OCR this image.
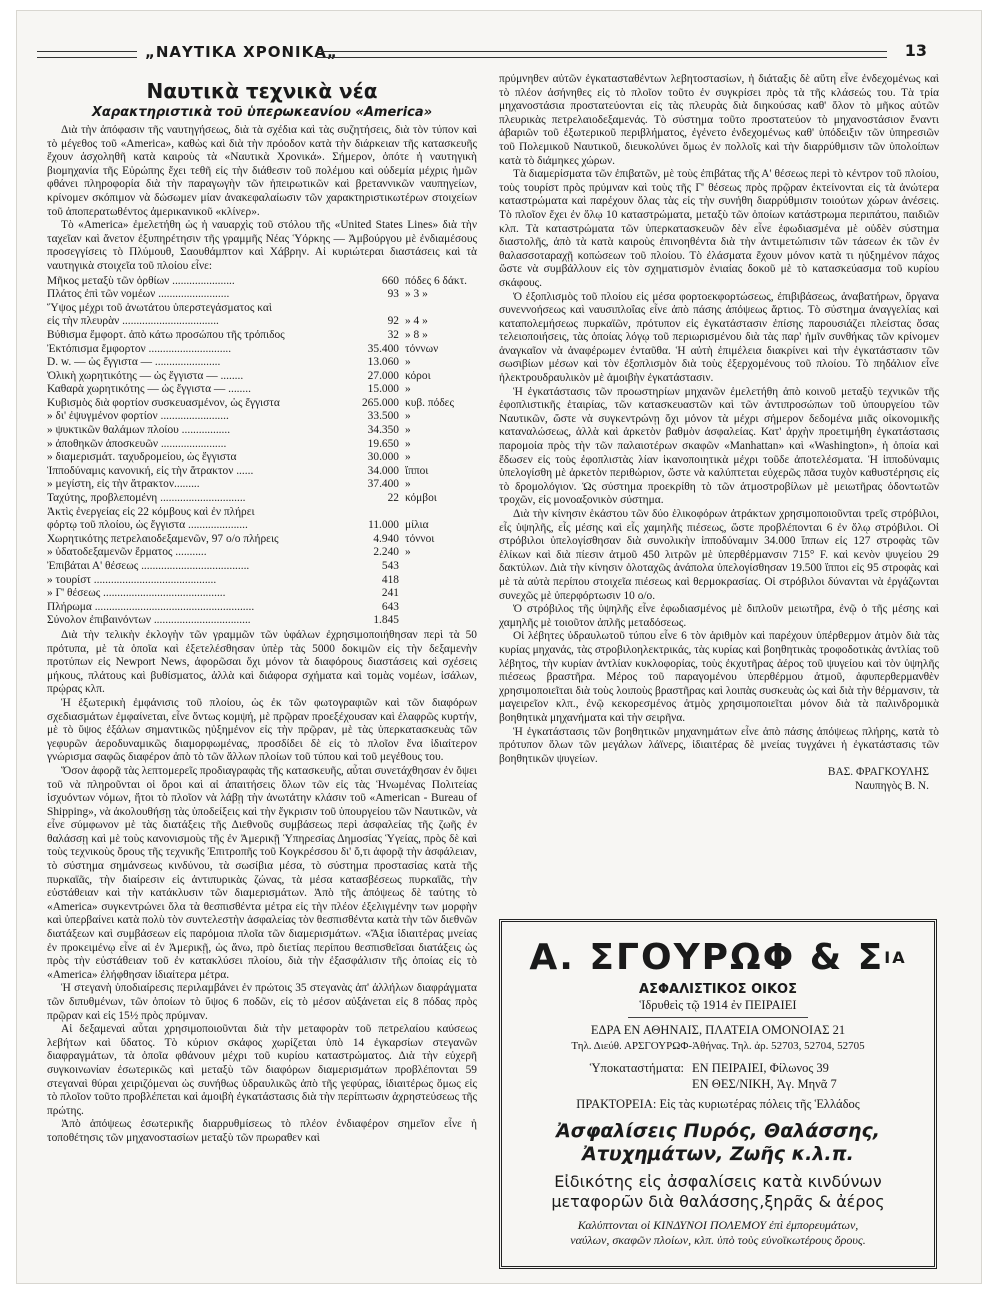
„ΝΑΥΤΙΚΑ ΧΡΟΝΙΚΑ„	13
Ναυτικὰ τεχνικὰ νέα
Χαρακτηριστικὰ τοῦ ὑπερωκεανίου «America»

Διὰ τὴν ἀπόφασιν τῆς ναυτηγήσεως, διὰ τὰ σχέδια καὶ τὰς συζητήσεις, διὰ τὸν τύπον καὶ τὸ μέγεθος τοῦ «America», καθὼς καὶ διὰ τὴν πρόοδον κατὰ τὴν διάρκειαν τῆς κατασκευῆς ἔχουν ἀσχοληθῆ κατὰ καιροὺς τὰ «Ναυτικὰ Χρονικά». Σήμερον, ὁπότε ἡ ναυτηγικὴ βιομηχανία τῆς Εὐρώπης ἔχει τεθῆ εἰς τὴν διάθεσιν τοῦ πολέμου καὶ οὐδεμία μέχρις ἡμῶν φθάνει πληροφορία διὰ τὴν παραγωγὴν τῶν ἠπειρωτικῶν καὶ βρεταννικῶν ναυπηγείων, κρίνομεν σκόπιμον νὰ δώσωμεν μίαν ἀνακεφαλαίωσιν τῶν χαρακτηριστικωτέρων στοιχείων τοῦ ἀποπερατωθέντος ἀμερικανικοῦ «κλίνερ».

Τὸ «America» ἐμελετήθη ὡς ἡ ναυαρχὶς τοῦ στόλου τῆς «United States Lines» διὰ τὴν ταχεῖαν καὶ ἄνετον ἐξυπηρέτησιν τῆς γραμμῆς Νέας Ὑόρκης — Ἀμβούργου μὲ ἐνδιαμέσους προσεγγίσεις τὸ Πλύμουθ, Σαουθάμπτον καὶ Χάβρην. Αἱ κυριώτεραι διαστάσεις καὶ τὰ ναυτηγικὰ στοιχεῖα τοῦ πλοίου εἶνε:

Μῆκος μεταξὺ τῶν ὀρθίων ......................	660 πόδες 6 δάκτ.
Πλάτος ἐπὶ τῶν νομέων .........................	93 » 3 »
Ὕψος μέχρι τοῦ ἀνωτάτου ὑπερστεγάσματος καὶ
εἰς τὴν πλευρὰν ..................................	92 » 4 »
Βύθισμα ἔμφορτ. ἀπὸ κάτω προσώπου τῆς τρόπιδος	32 » 8 »
Ἐκτόπισμα ἔμφορτον .............................	35.400 τόννων
D. w. — ὡς ἔγγιστα — .......................	13.060 »
Ὁλικὴ χωρητικότης — ὡς ἔγγιστα — ........	27.000 κόροι
Καθαρὰ χωρητικότης — ὡς ἔγγιστα — ........	15.000 »
Κυβισμὸς διὰ φορτίον συσκευασμένον, ὡς ἔγγιστα	265.000 κυβ. πόδες
» δι' ἐψυγμένον φορτίον ........................	33.500 »
» ψυκτικῶν θαλάμων πλοίου .................	34.350 »
» ἀποθηκῶν ἀποσκευῶν .......................	19.650 »
» διαμερισμάτ. ταχυδρομείου, ὡς ἔγγιστα	30.000 »
Ἱπποδύναμις κανονική, εἰς τὴν ἄτρακτον ......	34.000 ἵπποι
» μεγίστη, εἰς τὴν ἄτρακτον.........	37.400 »
Ταχύτης, προβλεπομένη ..............................	22 κόμβοι
Ἀκτὶς ἐνεργείας εἰς 22 κόμβους καὶ ἐν πλήρει
φόρτῳ τοῦ πλοίου, ὡς ἔγγιστα .....................	11.000 μίλια
Χωρητικότης πετρελαιοδεξαμενῶν, 97 ο/ο πλήρεις	4.940 τόννοι
» ὑδατοδεξαμενῶν ἕρματος ...........	2.240 »
Ἐπιβάται Α' θέσεως ......................................	543
» τουρίστ ...........................................	418
» Γ' θέσεως ...........................................	241
Πλήρωμα ........................................................	643
Σύνολον ἐπιβαινόντων ..................................	1.845

Διὰ τὴν τελικὴν ἐκλογὴν τῶν γραμμῶν τῶν ὑφάλων ἐχρησιμοποιήθησαν περὶ τὰ 50 πρότυπα, μὲ τὰ ὁποῖα καὶ ἐξετελέσθησαν ὑπὲρ τὰς 5000 δοκιμῶν εἰς τὴν δεξαμενὴν προτύπων εἰς Newport News, ἀφορῶσαι ὄχι μόνον τὰ διαφόρους διαστάσεις καὶ σχέσεις μήκους, πλάτους καὶ βυθίσματος, ἀλλὰ καὶ διάφορα σχήματα καὶ τομὰς νομέων, ἰσάλων, πρῴρας κλπ.

Ἡ ἐξωτερικὴ ἐμφάνισις τοῦ πλοίου, ὡς ἐκ τῶν φωτογραφιῶν καὶ τῶν διαφόρων σχεδιασμάτων ἐμφαίνεται, εἶνε ὄντως κομψή, μὲ πρῷραν προεξέχουσαν καὶ ἐλαφρῶς κυρτήν, μὲ τὸ ὕψος ἐξάλων σημαντικῶς ηὐξημένον εἰς τὴν πρῷραν, μὲ τὰς ὑπερκατασκευὰς τῶν γεφυρῶν ἀεροδυναμικῶς διαμορφωμένας, προσδίδει δὲ εἰς τὸ πλοῖον ἕνα ἰδιαίτερον γνώρισμα σαφῶς διαφέρον ἀπὸ τὸ τῶν ἄλλων πλοίων τοῦ τύπου καὶ τοῦ μεγέθους του.

Ὅσον ἀφορᾷ τὰς λεπτομερεῖς προδιαγραφὰς τῆς κατασκευῆς, αὗται συνετάχθησαν ἐν ὄψει τοῦ νὰ πληροῦνται οἱ ὅροι καὶ αἱ ἀπαιτήσεις ὅλων τῶν εἰς τὰς Ἡνωμένας Πολιτείας ἰσχυόντων νόμων, ἤτοι τὸ πλοῖον νὰ λάβῃ τὴν ἀνωτάτην κλάσιν τοῦ «American - Bureau of Shipping», νὰ ἀκολουθήσῃ τὰς ὑποδείξεις καὶ τὴν ἔγκρισιν τοῦ ὑπουργείου τῶν Ναυτικῶν, νὰ εἶνε σύμφωνον μὲ τὰς διατάξεις τῆς Διεθνοῦς συμβάσεως περὶ ἀσφαλείας τῆς ζωῆς ἐν θαλάσσῃ καὶ μὲ τοὺς κανονισμοὺς τῆς ἐν Ἀμερικῇ Ὑπηρεσίας Δημοσίας Ὑγείας, πρὸς δὲ καὶ τοὺς τεχνικοὺς ὅρους τῆς τεχνικῆς Ἐπιτροπῆς τοῦ Κογκρέσσου δι' ὅ,τι ἀφορᾷ τὴν ἀσφάλειαν, τὸ σύστημα σημάνσεως κινδύνου, τὰ σωσίβια μέσα, τὸ σύστημα προστασίας κατὰ τῆς πυρκαϊᾶς, τὴν διαίρεσιν εἰς ἀντιπυρικὰς ζώνας, τὰ μέσα κατασβέσεως πυρκαϊᾶς, τὴν εὐστάθειαν καὶ τὴν κατάκλυσιν τῶν διαμερισμάτων. Ἀπὸ τῆς ἀπόψεως δὲ ταύτης τὸ «America» συγκεντρώνει ὅλα τὰ θεσπισθέντα μέτρα εἰς τὴν πλέον ἐξελιγμένην των μορφὴν καὶ ὑπερβαίνει κατὰ πολὺ τὸν συντελεστὴν ἀσφαλείας τὸν θεσπισθέντα κατὰ τὴν τῶν διεθνῶν διατάξεων καὶ συμβάσεων εἰς παρόμοια πλοῖα τῶν διαμερισμάτων. «Ἄξια ἰδιαιτέρας μνείας ἐν προκειμένῳ εἶνε αἱ ἐν Ἀμερικῇ, ὡς ἄνω, πρὸ διετίας περίπου θεσπισθεῖσαι διατάξεις ὡς πρὸς τὴν εὐστάθειαν τοῦ ἐν κατακλύσει πλοίου, διὰ τὴν ἐξασφάλισιν τῆς ὁποίας εἰς τὸ «America» ἐλήφθησαν ἰδιαίτερα μέτρα.

Ἡ στεγανὴ ὑποδιαίρεσις περιλαμβάνει ἐν πρώτοις 35 στεγανὰς ἀπ' ἀλλήλων διαφράγματα τῶν διπυθμένων, τῶν ὁποίων τὸ ὕψος 6 ποδῶν, εἰς τὸ μέσον αὐξάνεται εἰς 8 πόδας πρὸς πρῷραν καὶ εἰς 15½ πρὸς πρύμναν.

Αἱ δεξαμεναὶ αὗται χρησιμοποιοῦνται διὰ τὴν μεταφορὰν τοῦ πετρελαίου καύσεως λεβήτων καὶ ὕδατος. Τὸ κύριον σκάφος χωρίζεται ὑπὸ 14 ἐγκαρσίων στεγανῶν διαφραγμάτων, τὰ ὁποῖα φθάνουν μέχρι τοῦ κυρίου καταστρώματος. Διὰ τὴν εὐχερῆ συγκοινωνίαν ἐσωτερικῶς καὶ μεταξὺ τῶν διαφόρων διαμερισμάτων προβλέπονται 59 στεγαναὶ θύραι χειριζόμεναι ὡς συνήθως ὑδραυλικῶς ἀπὸ τῆς γεφύρας, ἰδιαιτέρως ὅμως εἰς τὸ πλοῖον τοῦτο προβλέπεται καὶ ἀμοιβὴ ἐγκατάστασις διὰ τὴν περίπτωσιν ἀχρηστεύσεως τῆς πρώτης.

Ἀπὸ ἀπόψεως ἐσωτερικῆς διαρρυθμίσεως τὸ πλέον ἐνδιαφέρον σημεῖον εἶνε ἡ τοποθέτησις τῶν μηχανοστασίων μεταξὺ τῶν πρωραθεν καὶ

πρύμνηθεν αὐτῶν ἐγκατασταθέντων λεβητοστασίων, ἡ διάταξις δὲ αὕτη εἶνε ἐνδεχομένως καὶ τὸ πλέον ἀσήνηθες εἰς τὸ πλοῖον τοῦτο ἐν συγκρίσει πρὸς τὰ τῆς κλάσεώς του. Τὰ τρία μηχανοστάσια προστατεύονται εἰς τὰς πλευρὰς διὰ διηκούσας καθ' ὅλον τὸ μῆκος αὐτῶν πλευρικὰς πετρελαιοδεξαμενάς. Τὸ σύστημα τοῦτο προστατεύον τὸ μηχανοστάσιον ἔναντι ἀβαριῶν τοῦ ἐξωτερικοῦ περιβλήματος, ἐγένετο ἐνδεχομένως καθ' ὑπόδειξιν τῶν ὑπηρεσιῶν τοῦ Πολεμικοῦ Ναυτικοῦ, διευκολύνει ὅμως ἐν πολλοῖς καὶ τὴν διαρρύθμισιν τῶν ὑπολοίπων κατὰ τὸ διάμηκες χώρων.

Τὰ διαμερίσματα τῶν ἐπιβατῶν, μὲ τοὺς ἐπιβάτας τῆς Α' θέσεως περὶ τὸ κέντρον τοῦ πλοίου, τοὺς τουρίστ πρὸς πρύμναν καὶ τοὺς τῆς Γ' θέσεως πρὸς πρῷραν ἐκτείνονται εἰς τὰ ἀνώτερα καταστρώματα καὶ παρέχουν ὅλας τὰς εἰς τὴν συνήθη διαρρύθμισιν τοιούτων χώρων ἀνέσεις. Τὸ πλοῖον ἔχει ἐν ὅλῳ 10 καταστρώματα, μεταξὺ τῶν ὁποίων κατάστρωμα περιπάτου, παιδιῶν κλπ. Τὰ καταστρώματα τῶν ὑπερκατασκευῶν δὲν εἶνε ἐφωδιασμένα μὲ οὐδὲν σύστημα διαστολῆς, ἀπὸ τὰ κατὰ καιροὺς ἐπινοηθέντα διὰ τὴν ἀντιμετώπισιν τῶν τάσεων ἐκ τῶν ἐν θαλασσοταραχῇ κοπώσεων τοῦ πλοίου. Τὸ ἐλάσματα ἔχουν μόνον κατὰ τι ηὐξημένον πάχος ὥστε νὰ συμβάλλουν εἰς τὸν σχηματισμὸν ἑνιαίας δοκοῦ μὲ τὸ κατασκεύασμα τοῦ κυρίου σκάφους.

Ὁ ἐξοπλισμὸς τοῦ πλοίου εἰς μέσα φορτοεκφορτώσεως, ἐπιβιβάσεως, ἀναβατήρων, ὄργανα συνεννοήσεως καὶ ναυσιπλοΐας εἶνε ἀπὸ πάσης ἀπόψεως ἄρτιος. Τὸ σύστημα ἀναγγελίας καὶ καταπολεμήσεως πυρκαϊῶν, πρότυπον εἰς ἐγκατάστασιν ἐπίσης παρουσιάζει πλείστας ὅσας τελειοποιήσεις, τὰς ὁποίας λόγῳ τοῦ περιωρισμένου διὰ τὰς παρ' ἡμῖν συνθήκας τῶν κρίνομεν ἀναγκαῖον νὰ ἀναφέρωμεν ἐνταῦθα. Ἡ αὐτὴ ἐπιμέλεια διακρίνει καὶ τὴν ἐγκατάστασιν τῶν σωσιβίων μέσων καὶ τὸν ἐξοπλισμὸν διὰ τοὺς ἐξερχομένους τοῦ πλοίου. Τὸ πηδάλιον εἶνε ἠλεκτρουδραυλικὸν μὲ ἀμοιβὴν ἐγκατάστασιν.

Ἡ ἐγκατάστασις τῶν προωστηρίων μηχανῶν ἐμελετήθη ἀπὸ κοινοῦ μεταξὺ τεχνικῶν τῆς ἐφοπλιστικῆς ἑταιρίας, τῶν κατασκευαστῶν καὶ τῶν ἀντιπροσώπων τοῦ ὑπουργείου τῶν Ναυτικῶν, ὥστε νὰ συγκεντρώνῃ ὄχι μόνον τὰ μέχρι σήμερον δεδομένα μιᾶς οἰκονομικῆς καταναλώσεως, ἀλλὰ καὶ ἀρκετὸν βαθμὸν ἀσφαλείας. Κατ' ἀρχὴν προετιμήθη ἐγκατάστασις παρομοία πρὸς τὴν τῶν παλαιοτέρων σκαφῶν «Manhattan» καὶ «Washington», ἡ ὁποία καὶ ἔδωσεν εἰς τοὺς ἐφοπλιστὰς λίαν ἱκανοποιητικὰ μέχρι τοῦδε ἀποτελέσματα. Ἡ ἱπποδύναμις ὑπελογίσθη μὲ ἀρκετὸν περιθώριον, ὥστε νὰ καλύπτεται εὐχερῶς πᾶσα τυχὸν καθυστέρησις εἰς τὸ δρομολόγιον. Ὡς σύστημα προεκρίθη τὸ τῶν ἀτμοστροβίλων μὲ μειωτῆρας ὀδοντωτῶν τροχῶν, εἰς μονοαξονικὸν σύστημα.

Διὰ τὴν κίνησιν ἑκάστου τῶν δύο ἑλικοφόρων ἀτράκτων χρησιμοποιοῦνται τρεῖς στρόβιλοι, εἷς ὑψηλῆς, εἷς μέσης καὶ εἷς χαμηλῆς πιέσεως, ὥστε προβλέπονται 6 ἐν ὅλῳ στρόβιλοι. Οἱ στρόβιλοι ὑπελογίσθησαν διὰ συνολικὴν ἱπποδύναμιν 34.000 ἵππων εἰς 127 στροφὰς τῶν ἑλίκων καὶ διὰ πίεσιν ἀτμοῦ 450 λιτρῶν μὲ ὑπερθέρμανσιν 715° F. καὶ κενὸν ψυγείου 29 δακτύλων. Διὰ τὴν κίνησιν ὁλοταχῶς ἀνάπολα ὑπελογίσθησαν 19.500 ἵπποι εἰς 95 στροφὰς καὶ μὲ τὰ αὐτὰ περίπου στοιχεῖα πιέσεως καὶ θερμοκρασίας. Οἱ στρόβιλοι δύνανται νὰ ἐργάζωνται συνεχῶς μὲ ὑπερφόρτωσιν 10 ο/ο.

Ὁ στρόβιλος τῆς ὑψηλῆς εἶνε ἐφωδιασμένος μὲ διπλοῦν μειωτῆρα, ἐνῷ ὁ τῆς μέσης καὶ χαμηλῆς μὲ τοιοῦτον ἁπλῆς μεταδόσεως.

Οἱ λέβητες ὑδραυλωτοῦ τύπου εἶνε 6 τὸν ἀριθμὸν καὶ παρέχουν ὑπέρθερμον ἀτμὸν διὰ τὰς κυρίας μηχανάς, τὰς στροβιλοηλεκτρικάς, τὰς κυρίας καὶ βοηθητικὰς τροφοδοτικὰς ἀντλίας τοῦ λέβητος, τὴν κυρίαν ἀντλίαν κυκλοφορίας, τοὺς ἐκχυτῆρας ἀέρος τοῦ ψυγείου καὶ τὸν ὑψηλῆς πιέσεως βραστῆρα. Μέρος τοῦ παραγομένου ὑπερθέρμου ἀτμοῦ, ἀφυπερθερμανθὲν χρησιμοποιεῖται διὰ τοὺς λοιποὺς βραστῆρας καὶ λοιπὰς συσκευὰς ὡς καὶ διὰ τὴν θέρμανσιν, τὰ μαγειρεῖον κλπ., ἐνῷ κεκορεσμένος ἀτμὸς χρησιμοποιεῖται μόνον διὰ τὰ παλινδρομικὰ βοηθητικὰ μηχανήματα καὶ τὴν σειρῆνα.

Ἡ ἐγκατάστασις τῶν βοηθητικῶν μηχανημάτων εἶνε ἀπὸ πάσης ἀπόψεως πλήρης, κατὰ τὸ πρότυπον ὅλων τῶν μεγάλων λάϊνερς, ἰδιαιτέρας δὲ μνείας τυγχάνει ἡ ἐγκατάστασις τῶν βοηθητικῶν ψυγείων.

ΒΑΣ. ΦΡΑΓΚΟΥΛΗΣ
Ναυπηγὸς Β. Ν.
Α. ΣΓΟΥΡΩΦ & $\Sigma^{IA}$
ΑΣΦΑΛΙΣΤΙΚΟΣ ΟΙΚΟΣ
Ἱδρυθεὶς τῷ 1914 ἐν ΠΕΙΡΑΙΕΙ
ΕΔΡΑ ΕΝ ΑΘΗΝΑΙΣ, ΠΛΑΤΕΙΑ ΟΜΟΝΟΙΑΣ 21
Τηλ. Διεύθ. ΑΡΣΓΟΥΡΩΦ-Ἀθήνας. Τηλ. ἀρ. 52703, 52704, 52705
Ὑποκαταστήματα: ΕΝ ΠΕΙΡΑΙΕΙ, Φίλωνος 39
ΕΝ ΘΕΣ/ΝΙΚΗ, Ἁγ. Μηνᾶ 7
ΠΡΑΚΤΟΡΕΙΑ: Εἰς τὰς κυριωτέρας πόλεις τῆς Ἑλλάδος
Ἀσφαλίσεις Πυρός, Θαλάσσης,
Ἀτυχημάτων, Ζωῆς κ.λ.π.
Εἰδικότης εἰς ἀσφαλίσεις κατὰ κινδύνων
μεταφορῶν διὰ θαλάσσης,ξηρᾶς & ἀέρος
Καλύπτονται οἱ ΚΙΝΔΥΝΟΙ ΠΟΛΕΜΟΥ ἐπὶ ἐμπορευμάτων,
ναύλων, σκαφῶν πλοίων, κλπ. ὑπὸ τοὺς εὐνοϊκωτέρους ὅρους.
